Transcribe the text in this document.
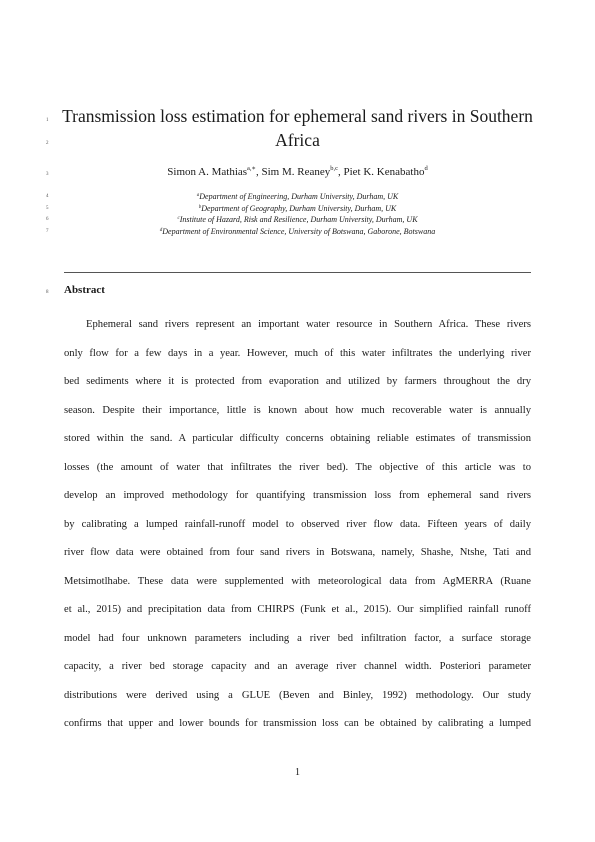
1
2
3
4
5
6
7
8
Transmission loss estimation for ephemeral sand rivers in Southern
Africa
Simon A. Mathias$^{a,∗}$, Sim M. Reaney$^{b,c}$, Piet K. Kenabatho$^d$
$^a$Department of Engineering, Durham University, Durham, UK
$^b$Department of Geography, Durham University, Durham, UK
$^c$Institute of Hazard, Risk and Resilience, Durham University, Durham, UK
$^d$Department of Environmental Science, University of Botswana, Gaborone, Botswana
Abstract
Ephemeral sand rivers represent an important water resource in Southern Africa. These rivers
only flow for a few days in a year. However, much of this water infiltrates the underlying river
bed sediments where it is protected from evaporation and utilized by farmers throughout the dry
season. Despite their importance, little is known about how much recoverable water is annually
stored within the sand. A particular difficulty concerns obtaining reliable estimates of transmission
losses (the amount of water that infiltrates the river bed). The objective of this article was to
develop an improved methodology for quantifying transmission loss from ephemeral sand rivers
by calibrating a lumped rainfall-runoff model to observed river flow data. Fifteen years of daily
river flow data were obtained from four sand rivers in Botswana, namely, Shashe, Ntshe, Tati and
Metsimotlhabe. These data were supplemented with meteorological data from AgMERRA (Ruane
et al., 2015) and precipitation data from CHIRPS (Funk et al., 2015). Our simplified rainfall runoff
model had four unknown parameters including a river bed infiltration factor, a surface storage
capacity, a river bed storage capacity and an average river channel width. Posteriori parameter
distributions were derived using a GLUE (Beven and Binley, 1992) methodology. Our study
confirms that upper and lower bounds for transmission loss can be obtained by calibrating a lumped
1
